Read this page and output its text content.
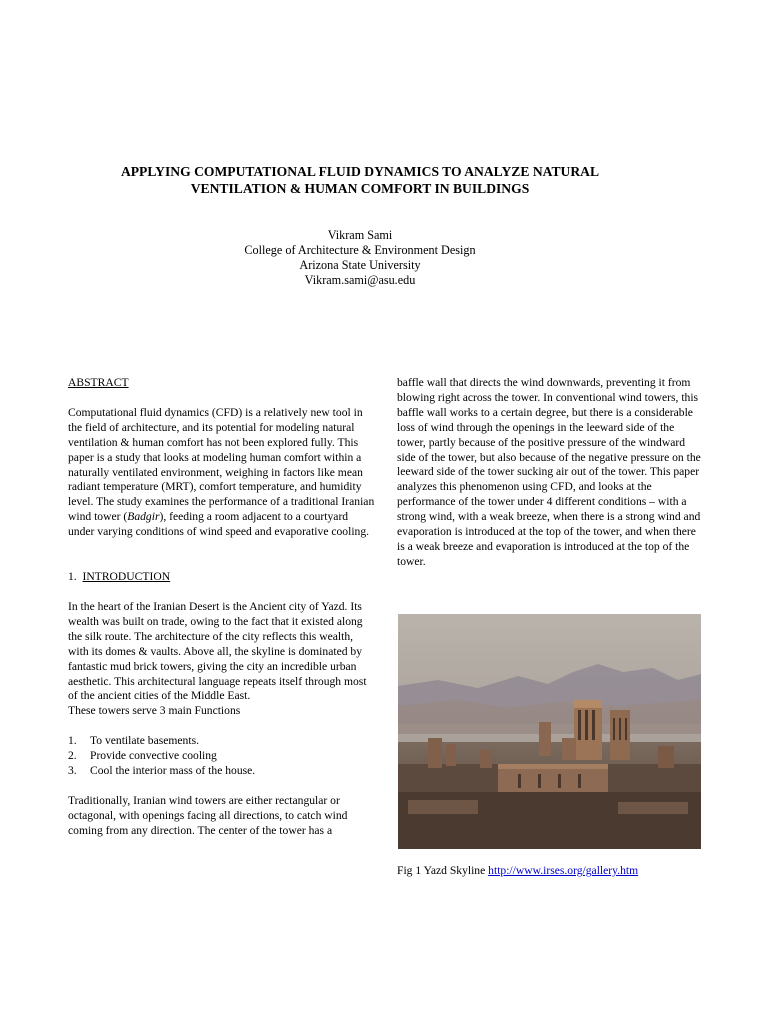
APPLYING COMPUTATIONAL FLUID DYNAMICS TO ANALYZE NATURAL
VENTILATION & HUMAN COMFORT IN BUILDINGS
Vikram Sami
College of Architecture & Environment Design
Arizona State University
Vikram.sami@asu.edu

ABSTRACT

Computational fluid dynamics (CFD) is a relatively new tool in the field of architecture, and its potential for modeling natural ventilation & human comfort has not been explored fully. This paper is a study that looks at modeling human comfort within a naturally ventilated environment, weighing in factors like mean radiant temperature (MRT), comfort temperature, and humidity level. The study examines the performance of a traditional Iranian wind tower (Badgir), feeding a room adjacent to a courtyard under varying conditions of wind speed and evaporative cooling.

1. INTRODUCTION

In the heart of the Iranian Desert is the Ancient city of Yazd. Its wealth was built on trade, owing to the fact that it existed along the silk route. The architecture of the city reflects this wealth, with its domes & vaults. Above all, the skyline is dominated by fantastic mud brick towers, giving the city an incredible urban aesthetic. This architectural language repeats itself through most of the ancient cities of the Middle East.

These towers serve 3 main Functions

1.	To ventilate basements.
2.	Provide convective cooling
3.	Cool the interior mass of the house.

Traditionally, Iranian wind towers are either rectangular or octagonal, with openings facing all directions, to catch wind coming from any direction. The center of the tower has a

baffle wall that directs the wind downwards, preventing it from blowing right across the tower. In conventional wind towers, this baffle wall works to a certain degree, but there is a considerable loss of wind through the openings in the leeward side of the tower, partly because of the positive pressure of the windward side of the tower, but also because of the negative pressure on the leeward side of the tower sucking air out of the tower. This paper analyzes this phenomenon using CFD, and looks at the performance of the tower under 4 different conditions – with a strong wind, with a weak breeze, when there is a strong wind and evaporation is introduced at the top of the tower, and when there is a weak breeze and evaporation is introduced at the top of the tower.

Fig 1 Yazd Skyline http://www.irses.org/gallery.htm
